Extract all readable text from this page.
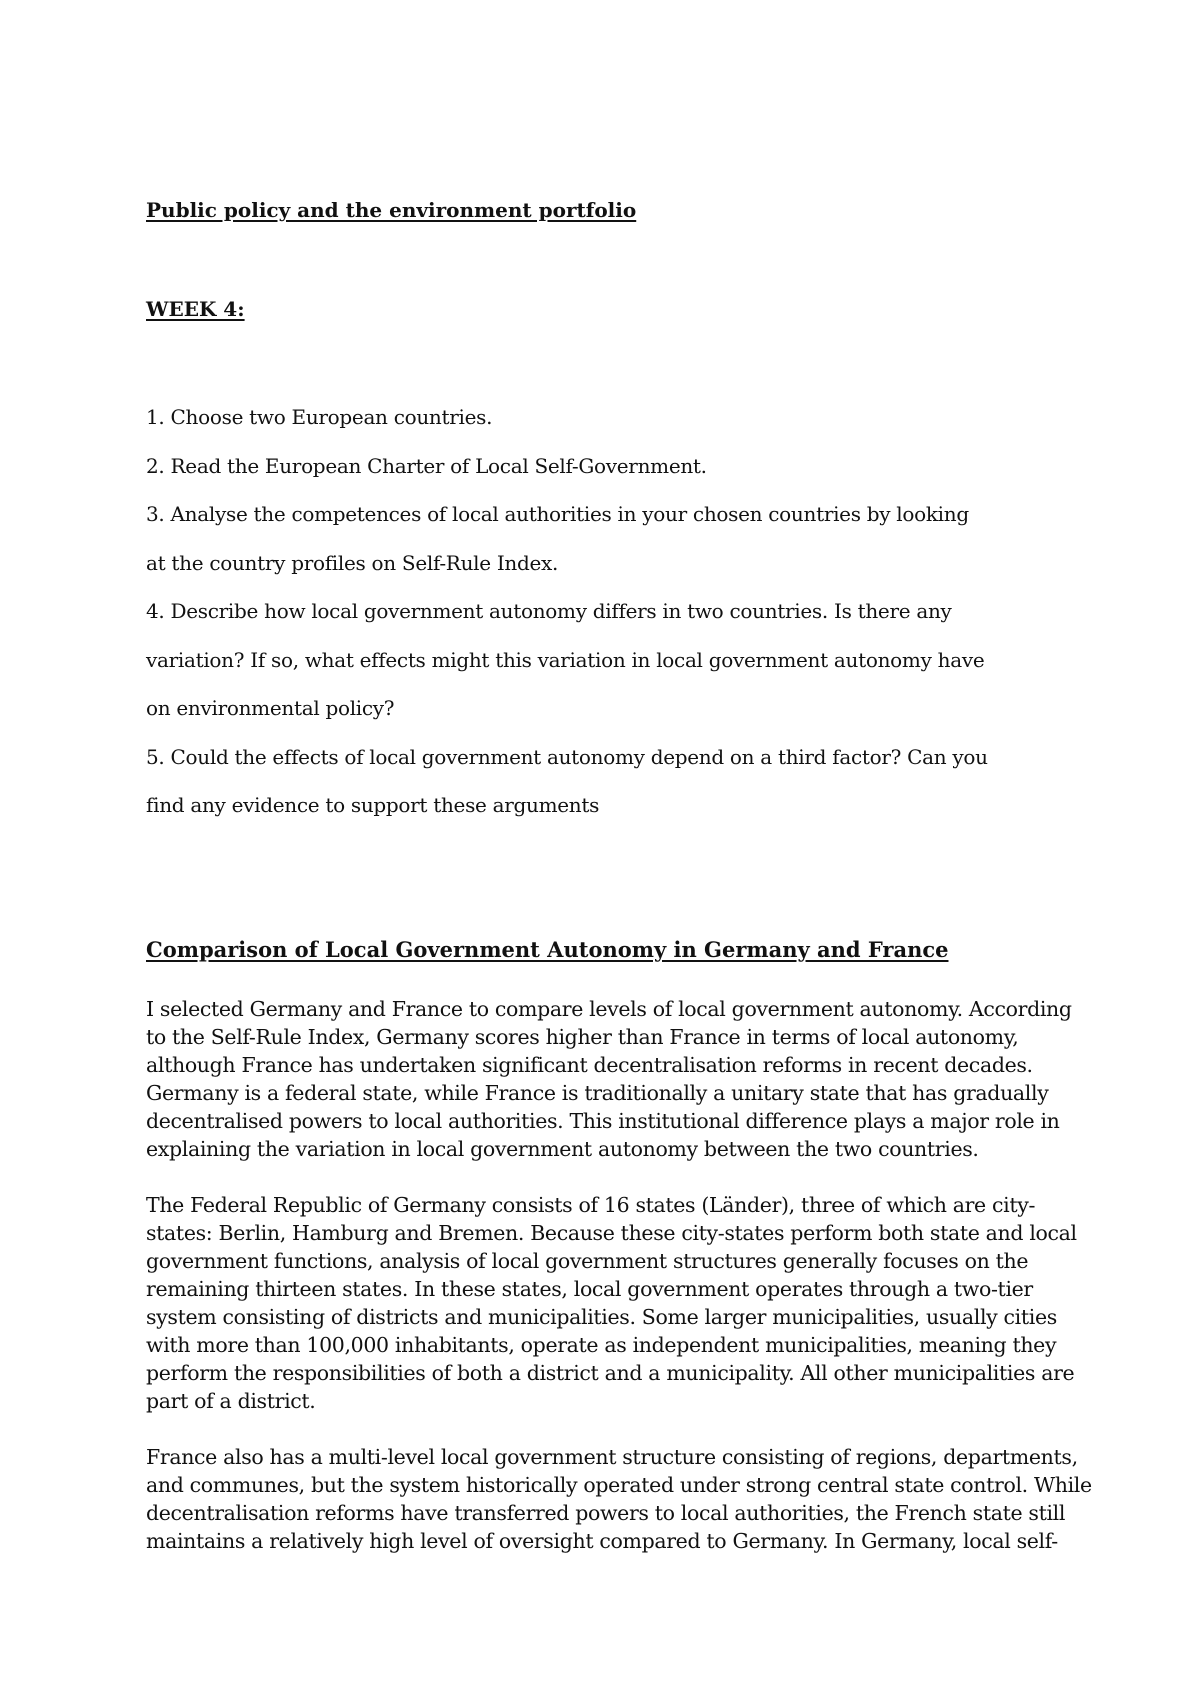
Public policy and the environment portfolio
WEEK 4:
1. Choose two European countries.
2. Read the European Charter of Local Self-Government.
3. Analyse the competences of local authorities in your chosen countries by looking
at the country profiles on Self-Rule Index.
4. Describe how local government autonomy differs in two countries. Is there any
variation? If so, what effects might this variation in local government autonomy have
on environmental policy?
5. Could the effects of local government autonomy depend on a third factor? Can you
find any evidence to support these arguments
Comparison of Local Government Autonomy in Germany and France

I selected Germany and France to compare levels of local government autonomy. According
to the Self-Rule Index, Germany scores higher than France in terms of local autonomy,
although France has undertaken significant decentralisation reforms in recent decades.
Germany is a federal state, while France is traditionally a unitary state that has gradually
decentralised powers to local authorities. This institutional difference plays a major role in
explaining the variation in local government autonomy between the two countries.

The Federal Republic of Germany consists of 16 states (Länder), three of which are city-
states: Berlin, Hamburg and Bremen. Because these city-states perform both state and local
government functions, analysis of local government structures generally focuses on the
remaining thirteen states. In these states, local government operates through a two-tier
system consisting of districts and municipalities. Some larger municipalities, usually cities
with more than 100,000 inhabitants, operate as independent municipalities, meaning they
perform the responsibilities of both a district and a municipality. All other municipalities are
part of a district.

France also has a multi-level local government structure consisting of regions, departments,
and communes, but the system historically operated under strong central state control. While
decentralisation reforms have transferred powers to local authorities, the French state still
maintains a relatively high level of oversight compared to Germany. In Germany, local self-
